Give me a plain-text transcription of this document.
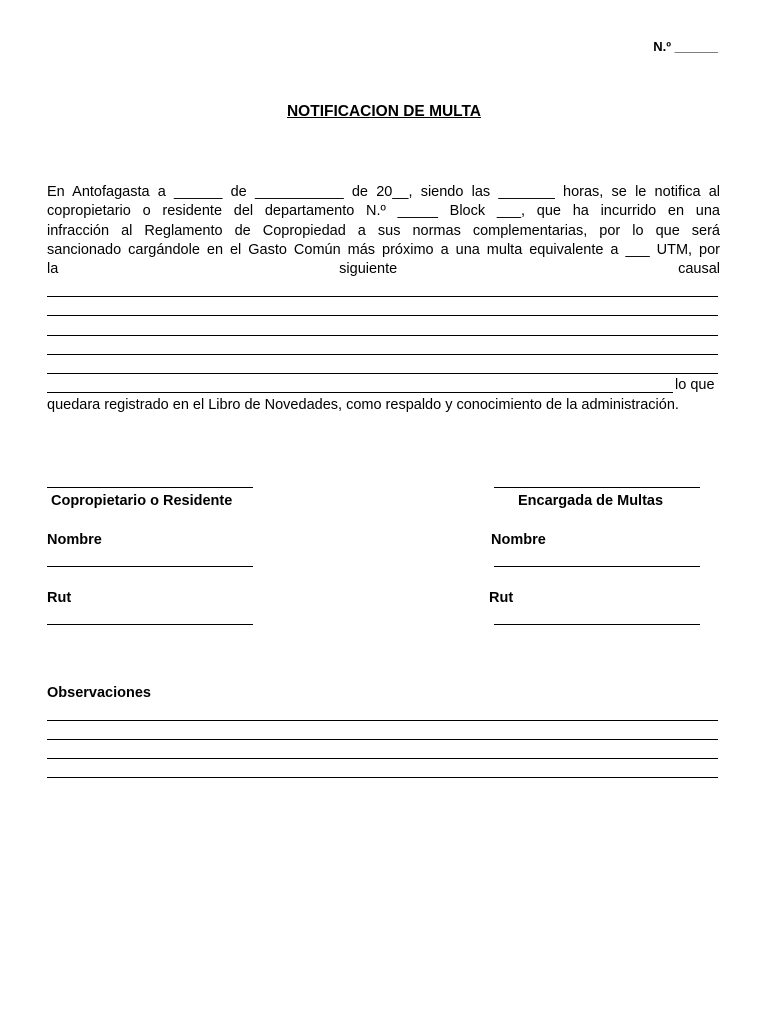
N.º ______
NOTIFICACION DE MULTA
En Antofagasta a ______ de ___________ de 20__, siendo las _______ horas, se le notifica al
copropietario o residente del departamento N.º _____ Block ___, que ha incurrido en una
infracción al Reglamento de Copropiedad a sus normas complementarias, por lo que será
sancionado cargándole en el Gasto Común más próximo a una multa equivalente a ___ UTM, por
la siguiente causal
lo que
quedara registrado en el Libro de Novedades, como respaldo y conocimiento de la administración.
Copropietario o Residente	Encargada de Multas
Nombre	Nombre
Rut	Rut
Observaciones
